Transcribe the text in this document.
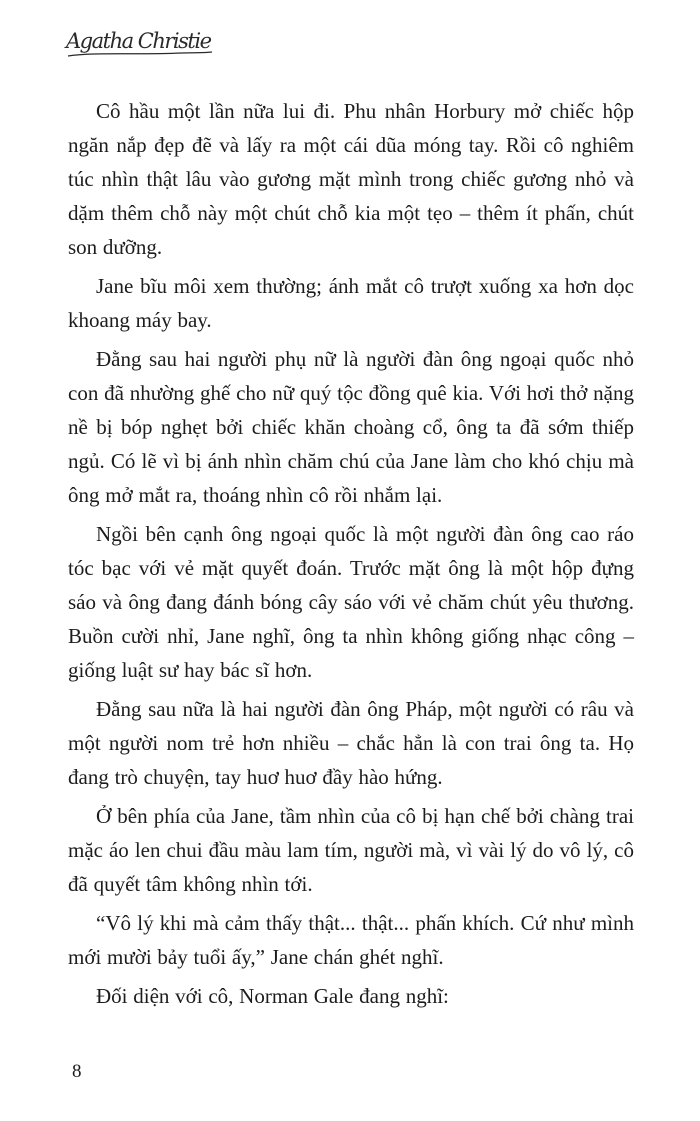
Agatha Christie

Cô hầu một lần nữa lui đi. Phu nhân Horbury mở chiếc hộp ngăn nắp đẹp đẽ và lấy ra một cái dũa móng tay. Rồi cô nghiêm túc nhìn thật lâu vào gương mặt mình trong chiếc gương nhỏ và dặm thêm chỗ này một chút chỗ kia một tẹo – thêm ít phấn, chút son dưỡng.

Jane bĩu môi xem thường; ánh mắt cô trượt xuống xa hơn dọc khoang máy bay.

Đằng sau hai người phụ nữ là người đàn ông ngoại quốc nhỏ con đã nhường ghế cho nữ quý tộc đồng quê kia. Với hơi thở nặng nề bị bóp nghẹt bởi chiếc khăn choàng cổ, ông ta đã sớm thiếp ngủ. Có lẽ vì bị ánh nhìn chăm chú của Jane làm cho khó chịu mà ông mở mắt ra, thoáng nhìn cô rồi nhắm lại.

Ngồi bên cạnh ông ngoại quốc là một người đàn ông cao ráo tóc bạc với vẻ mặt quyết đoán. Trước mặt ông là một hộp đựng sáo và ông đang đánh bóng cây sáo với vẻ chăm chút yêu thương. Buồn cười nhỉ, Jane nghĩ, ông ta nhìn không giống nhạc công – giống luật sư hay bác sĩ hơn.

Đằng sau nữa là hai người đàn ông Pháp, một người có râu và một người nom trẻ hơn nhiều – chắc hẳn là con trai ông ta. Họ đang trò chuyện, tay huơ huơ đầy hào hứng.

Ở bên phía của Jane, tầm nhìn của cô bị hạn chế bởi chàng trai mặc áo len chui đầu màu lam tím, người mà, vì vài lý do vô lý, cô đã quyết tâm không nhìn tới.

“Vô lý khi mà cảm thấy thật... thật... phấn khích. Cứ như mình mới mười bảy tuổi ấy,” Jane chán ghét nghĩ.

Đối diện với cô, Norman Gale đang nghĩ:

8
